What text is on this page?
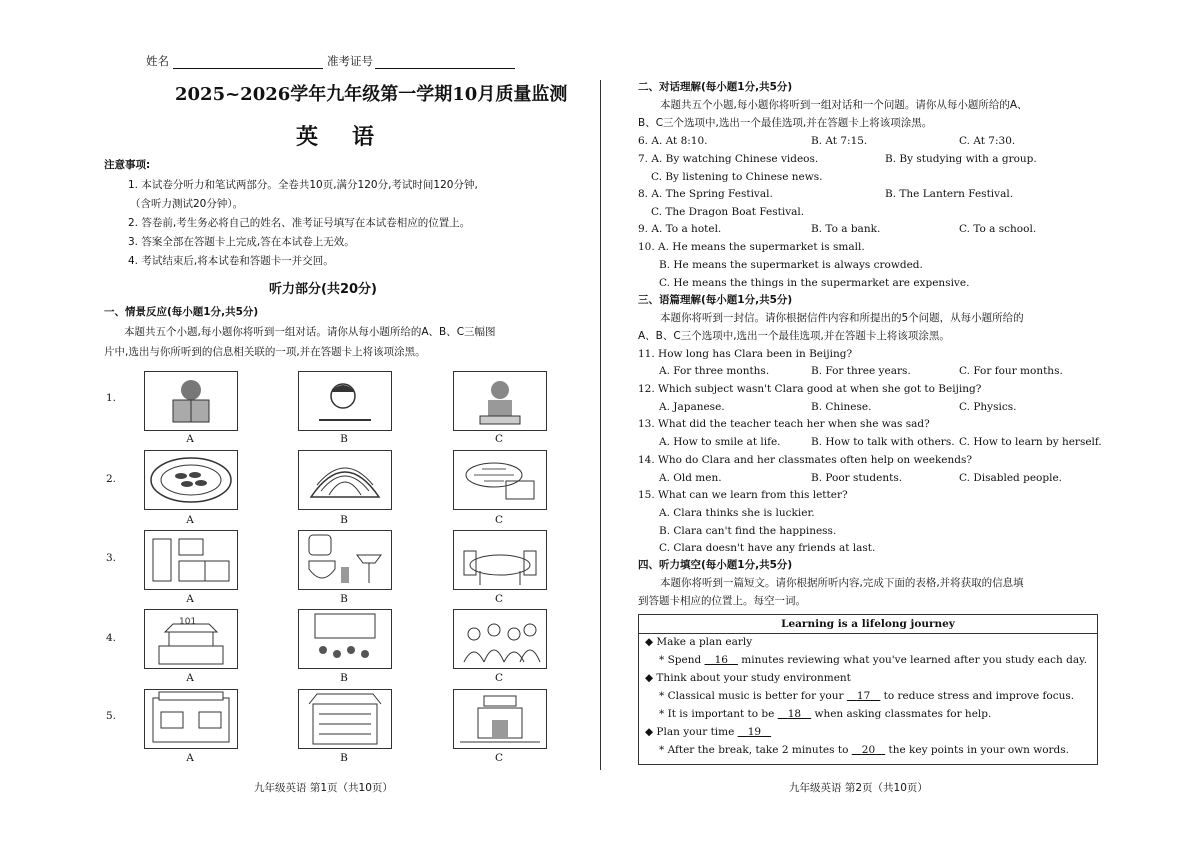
姓名	准考证号
2025~2026学年九年级第一学期10月质量监测
英　语
注意事项:
1. 本试卷分听力和笔试两部分。全卷共10页,满分120分,考试时间120分钟,
（含听力测试20分钟）。
2. 答卷前,考生务必将自己的姓名、准考证号填写在本试卷相应的位置上。
3. 答案全部在答题卡上完成,答在本试卷上无效。
4. 考试结束后,将本试卷和答题卡一并交回。
听力部分(共20分)
一、情景反应(每小题1分,共5分)
本题共五个小题,每小题你将听到一组对话。请你从每小题所给的A、B、C三幅图
片中,选出与你所听到的信息相关联的一项,并在答题卡上将该项涂黑。
1.
2.
3.
4.
5.
A	B	C
A	B	C
A	B	C
101
A	B	C
A	B	C
九年级英语 第1页（共10页）
二、对话理解(每小题1分,共5分)
本题共五个小题,每小题你将听到一组对话和一个问题。请你从每小题所给的A、
B、C三个选项中,选出一个最佳选项,并在答题卡上将该项涂黑。
6. A. At 8:10.	B. At 7:15.	C. At 7:30.
7. A. By watching Chinese videos.	B. By studying with a group.
C. By listening to Chinese news.
8. A. The Spring Festival.	B. The Lantern Festival.
C. The Dragon Boat Festival.
9. A. To a hotel.	B. To a bank.	C. To a school.
10. A. He means the supermarket is small.
B. He means the supermarket is always crowded.
C. He means the things in the supermarket are expensive.
三、语篇理解(每小题1分,共5分)
本题你将听到一封信。请你根据信件内容和所提出的5个问题，从每小题所给的
A、B、C三个选项中,选出一个最佳选项,并在答题卡上将该项涂黑。
11. How long has Clara been in Beijing?
A. For three months.	B. For three years.	C. For four months.
12. Which subject wasn't Clara good at when she got to Beijing?
A. Japanese.	B. Chinese.	C. Physics.
13. What did the teacher teach her when she was sad?
A. How to smile at life.	B. How to talk with others. C. How to learn by herself.
14. Who do Clara and her classmates often help on weekends?
A. Old men.	B. Poor students.	C. Disabled people.
15. What can we learn from this letter?
A. Clara thinks she is luckier.
B. Clara can't find the happiness.
C. Clara doesn't have any friends at last.
四、听力填空(每小题1分,共5分)
本题你将听到一篇短文。请你根据所听内容,完成下面的表格,并将获取的信息填
到答题卡相应的位置上。每空一词。
Learning is a lifelong journey

◆ Make a plan early
* Spend    16    minutes reviewing what you've learned after you study each day.
◆ Think about your study environment
* Classical music is better for your    17    to reduce stress and improve focus.
* It is important to be    18    when asking classmates for help.
◆ Plan your time    19
* After the break, take 2 minutes to    20    the key points in your own words.
九年级英语 第2页（共10页）
